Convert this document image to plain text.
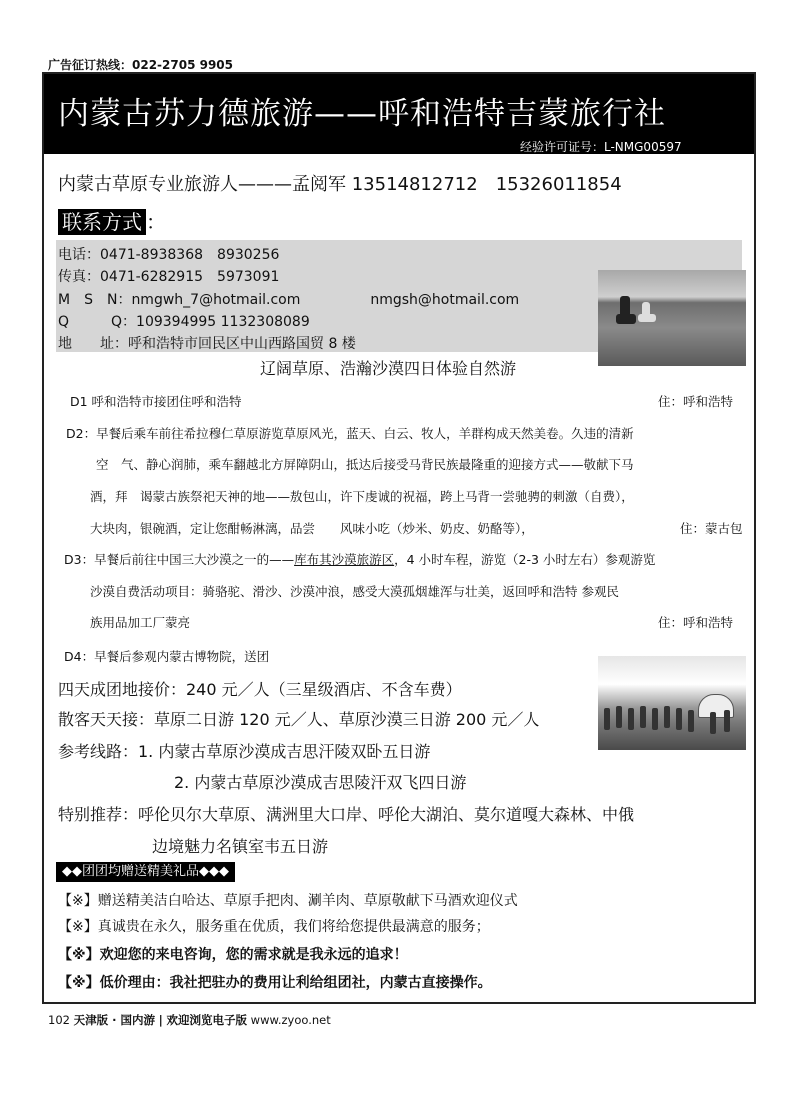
广告征订热线：022-2705 9905
内蒙古苏力德旅游——呼和浩特吉蒙旅行社
经验许可证号：L-NMG00597
内蒙古草原专业旅游人———孟阅军 13514812712　15326011854
联系方式 ：
电话：0471-8938368　8930256
传真：0471-6282915　5973091
M　S　N：nmgwh_7@hotmail.com　　　　　nmgsh@hotmail.com
Q　　　Q：109394995 1132308089
地　　址：呼和浩特市回民区中山西路国贸 8 楼
辽阔草原、浩瀚沙漠四日体验自然游
D1 呼和浩特市接团住呼和浩特	住：呼和浩特
D2：早餐后乘车前往希拉穆仁草原游览草原风光，蓝天、白云、牧人，羊群构成天然美卷。久违的清新
空　气、静心润肺，乘车翻越北方屏障阴山，抵达后接受马背民族最隆重的迎接方式——敬献下马
酒，拜　谒蒙古族祭祀天神的地——敖包山，许下虔诚的祝福，跨上马背一尝驰骋的刺激（自费），
大块肉，银碗酒，定让您酣畅淋漓，品尝　　风味小吃（炒米、奶皮、奶酪等），	住：蒙古包
D3：早餐后前往中国三大沙漠之一的——库布其沙漠旅游区，4 小时车程，游览（2-3 小时左右）参观游览
沙漠自费活动项目：骑骆驼、滑沙、沙漠冲浪，感受大漠孤烟雄浑与壮美，返回呼和浩特 参观民
族用品加工厂蒙亮	住：呼和浩特
D4：早餐后参观内蒙古博物院，送团
四天成团地接价：240 元／人（三星级酒店、不含车费）
散客天天接：草原二日游 120 元／人、草原沙漠三日游 200 元／人
参考线路：1. 内蒙古草原沙漠成吉思汗陵双卧五日游
2. 内蒙古草原沙漠成吉思陵汗双飞四日游
特别推荐：呼伦贝尔大草原、满洲里大口岸、呼伦大湖泊、莫尔道嘎大森林、中俄
边境魅力名镇室韦五日游
◆◆团团均赠送精美礼品◆◆◆
【※】赠送精美洁白哈达、草原手把肉、涮羊肉、草原敬献下马酒欢迎仪式
【※】真诚贵在永久，服务重在优质，我们将给您提供最满意的服务；
【※】欢迎您的来电咨询，您的需求就是我永远的追求！
【※】低价理由：我社把驻办的费用让利给组团社，内蒙古直接操作。
102 天津版 · 国内游 | 欢迎浏览电子版 www.zyoo.net
